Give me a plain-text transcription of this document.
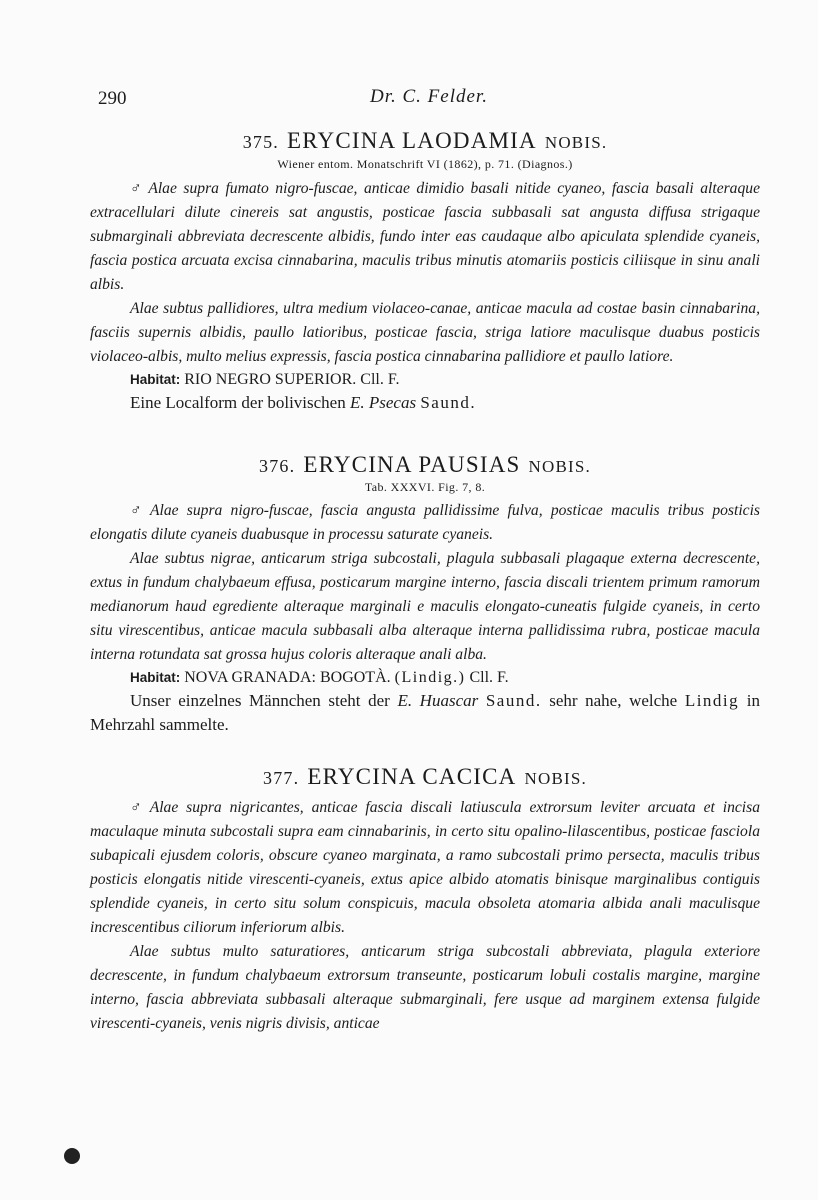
290	Dr. C. Felder.
375. ERYCINA LAODAMIA NOBIS.
Wiener entom. Monatschrift VI (1862), p. 71. (Diagnos.)

♂ Alae supra fumato nigro-fuscae, anticae dimidio basali nitide cyaneo, fascia basali alteraque extracellulari dilute cinereis sat angustis, posticae fascia subbasali sat angusta diffusa strigaque submarginali abbreviata decrescente albidis, fundo inter eas caudaque albo apiculata splendide cyaneis, fascia postica arcuata excisa cinnabarina, maculis tribus minutis atomariis posticis ciliisque in sinu anali albis.

Alae subtus pallidiores, ultra medium violaceo-canae, anticae macula ad costae basin cinnabarina, fasciis supernis albidis, paullo latioribus, posticae fascia, striga latiore maculisque duabus posticis violaceo-albis, multo melius expressis, fascia postica cinnabarina pallidiore et paullo latiore.

Habitat: RIO NEGRO SUPERIOR. Cll. F.

Eine Localform der bolivischen E. Psecas Saund.

376. ERYCINA PAUSIAS NOBIS.
Tab. XXXVI. Fig. 7, 8.

♂ Alae supra nigro-fuscae, fascia angusta pallidissime fulva, posticae maculis tribus posticis elongatis dilute cyaneis duabusque in processu saturate cyaneis.

Alae subtus nigrae, anticarum striga subcostali, plagula subbasali plagaque externa decrescente, extus in fundum chalybaeum effusa, posticarum margine interno, fascia discali trientem primum ramorum medianorum haud egrediente alteraque marginali e maculis elongato-cuneatis fulgide cyaneis, in certo situ virescentibus, anticae macula subbasali alba alteraque interna pallidissima rubra, posticae macula interna rotundata sat grossa hujus coloris alteraque anali alba.

Habitat: NOVA GRANADA: BOGOTÀ. (Lindig.) Cll. F.

Unser einzelnes Männchen steht der E. Huascar Saund. sehr nahe, welche Lindig in Mehrzahl sammelte.

377. ERYCINA CACICA NOBIS.

♂ Alae supra nigricantes, anticae fascia discali latiuscula extrorsum leviter arcuata et incisa maculaque minuta subcostali supra eam cinnabarinis, in certo situ opalino-lilascentibus, posticae fasciola subapicali ejusdem coloris, obscure cyaneo marginata, a ramo subcostali primo persecta, maculis tribus posticis elongatis nitide virescenti-cyaneis, extus apice albido atomatis binisque marginalibus contiguis splendide cyaneis, in certo situ solum conspicuis, macula obsoleta atomaria albida anali maculisque increscentibus ciliorum inferiorum albis.

Alae subtus multo saturatiores, anticarum striga subcostali abbreviata, plagula exteriore decrescente, in fundum chalybaeum extrorsum transeunte, posticarum lobuli costalis margine, margine interno, fascia abbreviata subbasali alteraque submarginali, fere usque ad marginem extensa fulgide virescenti-cyaneis, venis nigris divisis, anticae
